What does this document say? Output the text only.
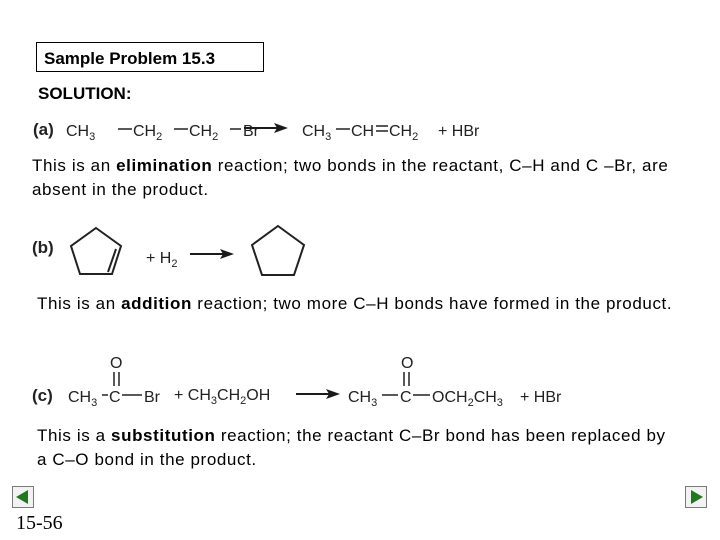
Sample Problem 15.3
SOLUTION:
(a) $CH_3$ $CH_2$ $CH_2$ Br	$CH_3$ CH $CH_2$ + HBr
This is an elimination reaction; two bonds in the reactant, C–H and C –Br, are absent in the product.
(b)
+ $H_2$
This is an addition reaction; two more C–H bonds have formed in the product.
(c)
O
$CH_3$ C $Br + CH_3CH_2OH$
O
$CH_3$ C $OCH_2CH_3$ + HBr
This is a substitution reaction; the reactant C–Br bond has been replaced by a C–O bond in the product.
15-56
